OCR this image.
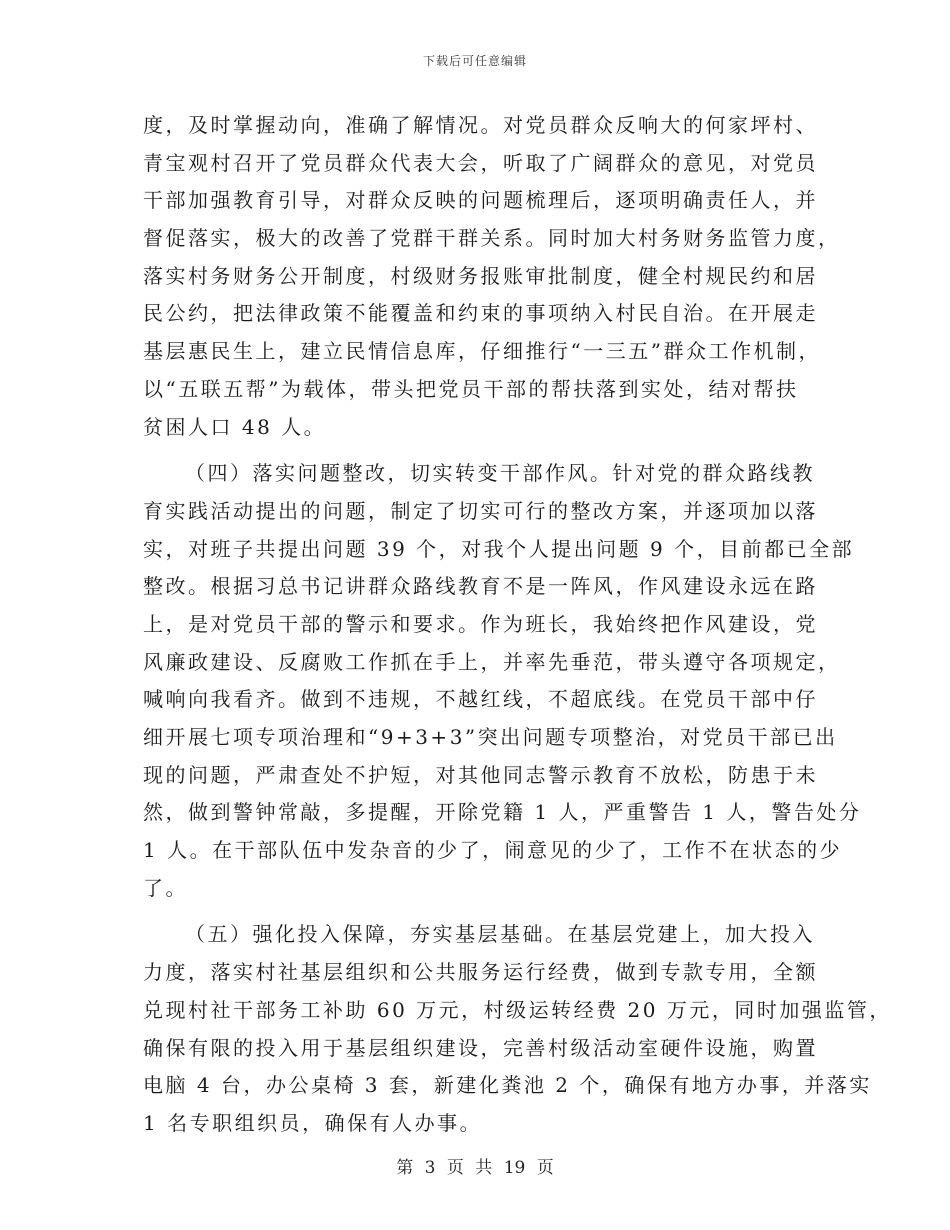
下载后可任意编辑
度，及时掌握动向，准确了解情况。对党员群众反响大的何家坪村、
青宝观村召开了党员群众代表大会，听取了广阔群众的意见，对党员
干部加强教育引导，对群众反映的问题梳理后，逐项明确责任人，并
督促落实，极大的改善了党群干群关系。同时加大村务财务监管力度，
落实村务财务公开制度，村级财务报账审批制度，健全村规民约和居
民公约，把法律政策不能覆盖和约束的事项纳入村民自治。在开展走
基层惠民生上，建立民情信息库，仔细推行“一三五”群众工作机制，
以“五联五帮”为载体，带头把党员干部的帮扶落到实处，结对帮扶
贫困人口 48 人。
（四）落实问题整改，切实转变干部作风。针对党的群众路线教
育实践活动提出的问题，制定了切实可行的整改方案，并逐项加以落
实，对班子共提出问题 39 个，对我个人提出问题 9 个，目前都已全部
整改。根据习总书记讲群众路线教育不是一阵风，作风建设永远在路
上，是对党员干部的警示和要求。作为班长，我始终把作风建设，党
风廉政建设、反腐败工作抓在手上，并率先垂范，带头遵守各项规定，
喊响向我看齐。做到不违规，不越红线，不超底线。在党员干部中仔
细开展七项专项治理和“9+3+3”突出问题专项整治，对党员干部已出
现的问题，严肃查处不护短，对其他同志警示教育不放松，防患于未
然，做到警钟常敲，多提醒，开除党籍 1 人，严重警告 1 人，警告处分
1 人。在干部队伍中发杂音的少了，闹意见的少了，工作不在状态的少
了。
（五）强化投入保障，夯实基层基础。在基层党建上，加大投入
力度，落实村社基层组织和公共服务运行经费，做到专款专用，全额
兑现村社干部务工补助 60 万元，村级运转经费 20 万元，同时加强监管，
确保有限的投入用于基层组织建设，完善村级活动室硬件设施，购置
电脑 4 台，办公桌椅 3 套，新建化粪池 2 个，确保有地方办事，并落实
1 名专职组织员，确保有人办事。
第 3 页 共 19 页
